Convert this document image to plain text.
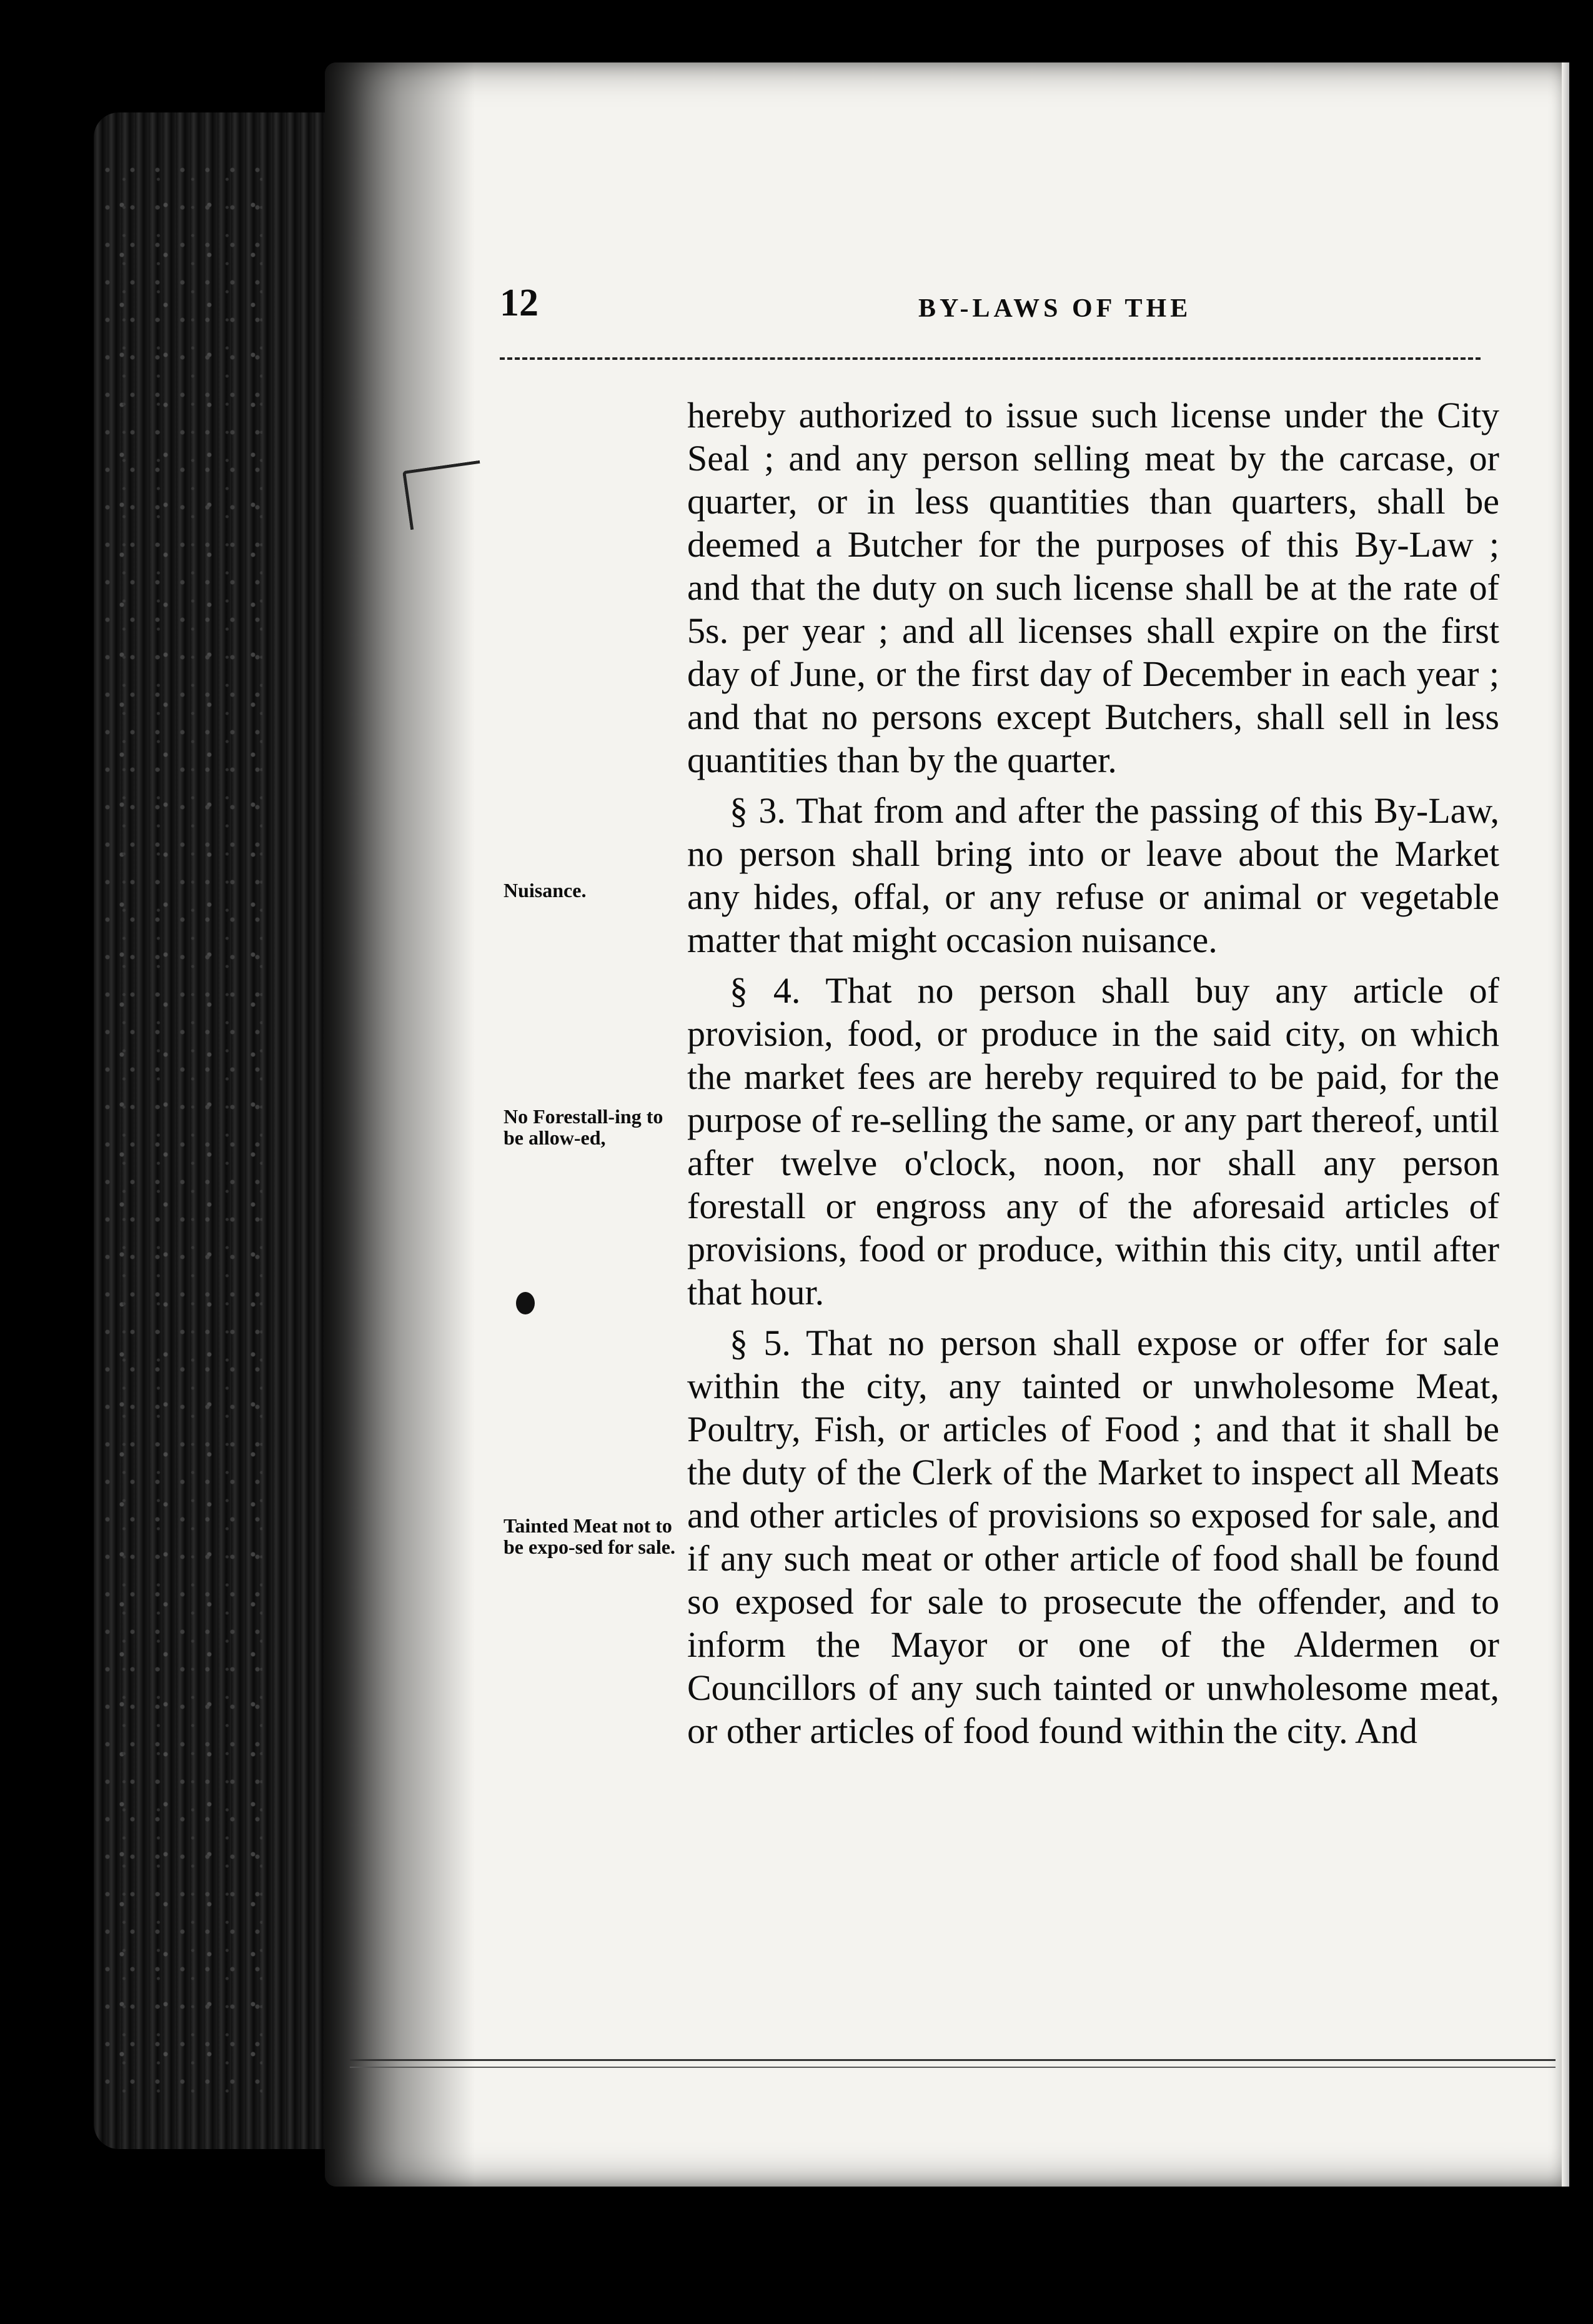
12	BY-LAWS OF THE
Nuisance.
No Forestall-ing to be allow-ed,
Tainted Meat not to be expo-sed for sale.

hereby authorized to issue such license under the City Seal ; and any person selling meat by the carcase, or quarter, or in less quantities than quarters, shall be deemed a Butcher for the purposes of this By-Law ; and that the duty on such license shall be at the rate of 5s. per year ; and all licenses shall expire on the first day of June, or the first day of December in each year ; and that no persons except Butchers, shall sell in less quantities than by the quarter.

§ 3. That from and after the passing of this By-Law, no person shall bring into or leave about the Market any hides, offal, or any refuse or animal or vegetable matter that might occasion nuisance.

§ 4. That no person shall buy any article of provision, food, or produce in the said city, on which the market fees are hereby required to be paid, for the purpose of re-selling the same, or any part thereof, until after twelve o'clock, noon, nor shall any person forestall or engross any of the aforesaid articles of provisions, food or produce, within this city, until after that hour.

§ 5. That no person shall expose or offer for sale within the city, any tainted or unwholesome Meat, Poultry, Fish, or articles of Food ; and that it shall be the duty of the Clerk of the Market to inspect all Meats and other articles of provisions so exposed for sale, and if any such meat or other article of food shall be found so exposed for sale to prosecute the offender, and to inform the Mayor or one of the Aldermen or Councillors of any such tainted or unwholesome meat, or other articles of food found within the city. And
